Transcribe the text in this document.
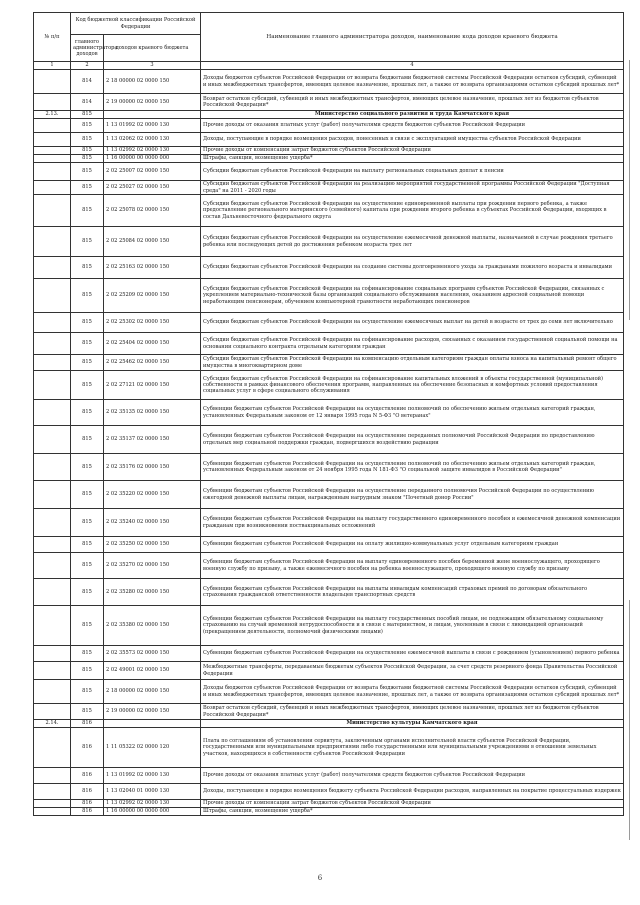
№ п/п	Код бюджетной классификации Российской Федерации		Наименование главного администратора доходов, наименование кода доходов краевого бюджета
	главного администратора доходов	доходов краевого бюджета	
1	2	3	4
	814	2 18 00000 02 0000 150	Доходы бюджетов субъектов Российской Федерации от возврата бюджетами бюджетной системы Российской Федерации остатков субсидий, субвенций и иных межбюджетных трансфертов, имеющих целевое назначение, прошлых лет, а также от возврата организациями остатков субсидий прошлых лет*
	814	2 19 00000 02 0000 150	Возврат остатков субсидий, субвенций и иных межбюджетных трансфертов, имеющих целевое назначение, прошлых лет из бюджетов субъектов Российской Федерации*
2.13.	815		Министерство социального развития и труда Камчатского края
	815	1 13 01992 02 0000 130	Прочие доходы от оказания платных услуг (работ) получателями средств бюджетов субъектов Российской Федерации
	815	1 13 02062 02 0000 130	Доходы, поступающие в порядке возмещения расходов, понесенных в связи с эксплуатацией имущества субъектов Российской Федерации
	815	1 13 02992 02 0000 130	Прочие доходы от компенсации затрат бюджетов субъектов Российской Федерации
	815	1 16 00000 00 0000 000	Штрафы, санкции, возмещение ущерба*
	815	2 02 25007 02 0000 150	Субсидии бюджетам субъектов Российской Федерации на выплату региональных социальных доплат к пенсии
	815	2 02 25027 02 0000 150	Субсидии бюджетам субъектов Российской Федерации на реализацию мероприятий государственной программы Российской Федерации "Доступная среда" на 2011 - 2020 годы
	815	2 02 25078 02 0000 150	Субсидии бюджетам субъектов Российской Федерации на осуществление единовременной выплаты при рождении первого ребенка, а также предоставление регионального материнского (семейного) капитала при рождении второго ребенка в субъектах Российской Федерации, входящих в состав Дальневосточного федерального округа
	815	2 02 25084 02 0000 150	Субсидии бюджетам субъектов Российской Федерации на осуществление ежемесячной денежной выплаты, назначаемой в случае рождения третьего ребенка или последующих детей до достижения ребенком возраста трех лет
	815	2 02 25163 02 0000 150	Субсидии бюджетам субъектов Российской Федерации на создание системы долговременного ухода за гражданами пожилого возраста и инвалидами
	815	2 02 25209 02 0000 150	Субсидии бюджетам субъектов Российской Федерации на софинансирование социальных программ субъектов Российской Федерации, связанных с укреплением материально-технической базы организаций социального обслуживания населения, оказанием адресной социальной помощи неработающим пенсионерам, обучением компьютерной грамотности неработающих пенсионеров
	815	2 02 25302 02 0000 150	Субсидии бюджетам субъектов Российской Федерации на осуществление ежемесячных выплат на детей в возрасте от трех до семи лет включительно
	815	2 02 25404 02 0000 150	Субсидии бюджетам субъектов Российской Федерации на софинансирование расходов, связанных с оказанием государственной социальной помощи на основании социального контракта отдельным категориям граждан
	815	2 02 25462 02 0000 150	Субсидии бюджетам субъектов Российской Федерации на компенсацию отдельным категориям граждан оплаты взноса на капитальный ремонт общего имущества в многоквартирном доме
	815	2 02 27121 02 0000 150	Субсидии бюджетам субъектов Российской Федерации на софинансирование капитальных вложений в объекты государственной (муниципальной) собственности в рамках финансового обеспечения программ, направленных на обеспечение безопасных и комфортных условий предоставления социальных услуг в сфере социального обслуживания
	815	2 02 35135 02 0000 150	Субвенции бюджетам субъектов Российской Федерации на осуществление полномочий по обеспечению жильем отдельных категорий граждан, установленных Федеральным законом от 12 января 1995 года N 5-ФЗ "О ветеранах"
	815	2 02 35137 02 0000 150	Субвенции бюджетам субъектов Российской Федерации на осуществление переданных полномочий Российской Федерации по предоставлению отдельных мер социальной поддержки граждан, подвергшихся воздействию радиации
	815	2 02 35176 02 0000 150	Субвенции бюджетам субъектов Российской Федерации на осуществление полномочий по обеспечению жильем отдельных категорий граждан, установленных Федеральным законом от 24 ноября 1995 года N 181-ФЗ "О социальной защите инвалидов в Российской Федерации"
	815	2 02 35220 02 0000 150	Субвенции бюджетам субъектов Российской Федерации на осуществление переданного полномочия Российской Федерации по осуществлению ежегодной денежной выплаты лицам, награжденным нагрудным знаком "Почетный донор России"
	815	2 02 35240 02 0000 150	Субвенции бюджетам субъектов Российской Федерации на выплату государственного единовременного пособия и ежемесячной денежной компенсации гражданам при возникновении поствакцинальных осложнений
	815	2 02 35250 02 0000 150	Субвенции бюджетам субъектов Российской Федерации на оплату жилищно-коммунальных услуг отдельным категориям граждан
	815	2 02 35270 02 0000 150	Субвенции бюджетам субъектов Российской Федерации на выплату единовременного пособия беременной жене военнослужащего, проходящего военную службу по призыву, а также ежемесячного пособия на ребенка военнослужащего, проходящего военную службу по призыву
	815	2 02 35280 02 0000 150	Субвенции бюджетам субъектов Российской Федерации на выплаты инвалидам компенсаций страховых премий по договорам обязательного страхования гражданской ответственности владельцев транспортных средств
	815	2 02 35380 02 0000 150	Субвенции бюджетам субъектов Российской Федерации на выплату государственных пособий лицам, не подлежащим обязательному социальному страхованию на случай временной нетрудоспособности и в связи с материнством, и лицам, уволенным в связи с ликвидацией организаций (прекращением деятельности, полномочий физическими лицами)
	815	2 02 35573 02 0000 150	Субвенции бюджетам субъектов Российской Федерации на осуществление ежемесячной выплаты в связи с рождением (усыновлением) первого ребенка
	815	2 02 49001 02 0000 150	Межбюджетные трансферты, передаваемые бюджетам субъектов Российской Федерации, за счет средств резервного фонда Правительства Российской Федерации
	815	2 18 00000 02 0000 150	Доходы бюджетов субъектов Российской Федерации от возврата бюджетами бюджетной системы Российской Федерации остатков субсидий, субвенций и иных межбюджетных трансфертов, имеющих целевое назначение, прошлых лет, а также от возврата организациями остатков субсидий прошлых лет*
	815	2 19 00000 02 0000 150	Возврат остатков субсидий, субвенций и иных межбюджетных трансфертов, имеющих целевое назначение, прошлых лет из бюджетов субъектов Российской Федерации*
2.14.	816		Министерство культуры Камчатского края
	816	1 11 05322 02 0000 120	Плата по соглашениям об установлении сервитута, заключенным органами исполнительной власти субъектов Российской Федерации, государственными или муниципальными предприятиями либо государственными или муниципальными учреждениями в отношении земельных участков, находящихся в собственности субъектов Российской Федерации
	816	1 13 01992 02 0000 130	Прочие доходы от оказания платных услуг (работ) получателями средств бюджетов субъектов Российской Федерации
	816	1 13 02040 01 0000 130	Доходы, поступающие в порядке возмещения бюджету субъекта Российской Федерации расходов, направленных на покрытие процессуальных издержек
	816	1 13 02992 02 0000 130	Прочие доходы от компенсации затрат бюджетов субъектов Российской Федерации
	816	1 16 00000 00 0000 000	Штрафы, санкции, возмещение ущерба*
6
